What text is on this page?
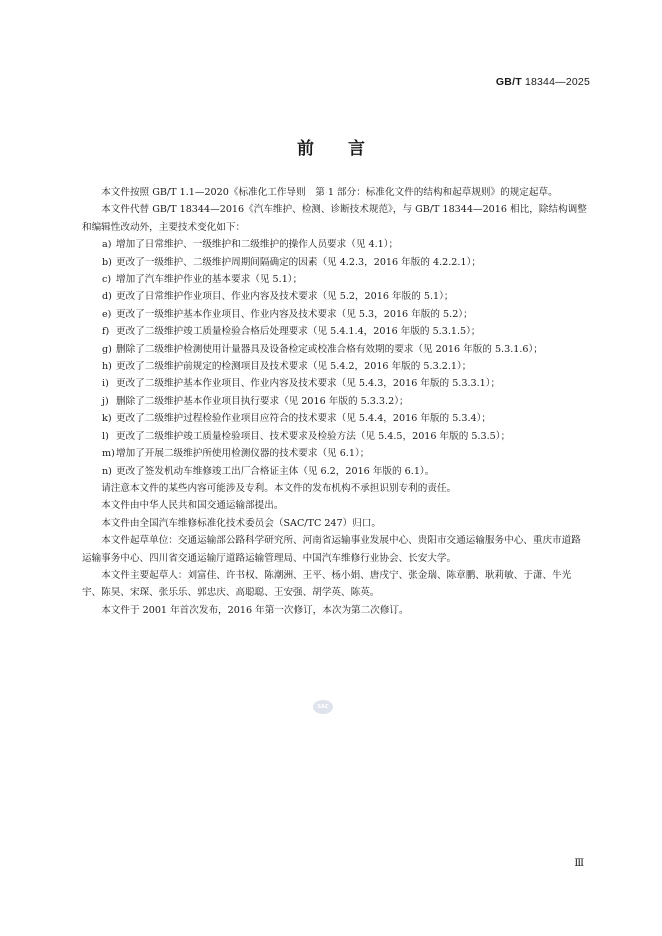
GB/T 18344—2025
前 言

本文件按照 GB/T 1.1—2020《标准化工作导则　第 1 部分：标准化文件的结构和起草规则》的规定起草。

本文件代替 GB/T 18344—2016《汽车维护、检测、诊断技术规范》，与 GB/T 18344—2016 相比，除结构调整和编辑性改动外，主要技术变化如下：

a) 增加了日常维护、一级维护和二级维护的操作人员要求（见 4.1）；
b) 更改了一级维护、二级维护周期间隔确定的因素（见 4.2.3，2016 年版的 4.2.2.1）；
c) 增加了汽车维护作业的基本要求（见 5.1）；
d) 更改了日常维护作业项目、作业内容及技术要求（见 5.2，2016 年版的 5.1）；
e) 更改了一级维护基本作业项目、作业内容及技术要求（见 5.3，2016 年版的 5.2）；
f) 更改了二级维护竣工质量检验合格后处理要求（见 5.4.1.4，2016 年版的 5.3.1.5）；
g) 删除了二级维护检测使用计量器具及设备检定或校准合格有效期的要求（见 2016 年版的 5.3.1.6）；
h) 更改了二级维护前规定的检测项目及技术要求（见 5.4.2，2016 年版的 5.3.2.1）；
i) 更改了二级维护基本作业项目、作业内容及技术要求（见 5.4.3，2016 年版的 5.3.3.1）；
j) 删除了二级维护基本作业项目执行要求（见 2016 年版的 5.3.3.2）；
k) 更改了二级维护过程检验作业项目应符合的技术要求（见 5.4.4，2016 年版的 5.3.4）；
l) 更改了二级维护竣工质量检验项目、技术要求及检验方法（见 5.4.5，2016 年版的 5.3.5）；
m) 增加了开展二级维护所使用检测仪器的技术要求（见 6.1）；
n) 更改了签发机动车维修竣工出厂合格证主体（见 6.2，2016 年版的 6.1）。

请注意本文件的某些内容可能涉及专利。本文件的发布机构不承担识别专利的责任。

本文件由中华人民共和国交通运输部提出。

本文件由全国汽车维修标准化技术委员会（SAC/TC 247）归口。

本文件起草单位：交通运输部公路科学研究所、河南省运输事业发展中心、贵阳市交通运输服务中心、重庆市道路运输事务中心、四川省交通运输厅道路运输管理局、中国汽车维修行业协会、长安大学。

本文件主要起草人：刘富佳、许书权、陈潮洲、王平、杨小娟、唐戌宁、张金瑞、陈章鹏、耿莉敏、于潇、牛光宇、陈昊、宋琛、张乐乐、郭忠庆、高聪聪、王安强、胡学英、陈英。

本文件于 2001 年首次发布，2016 年第一次修订，本次为第二次修订。

SAC
Ⅲ
